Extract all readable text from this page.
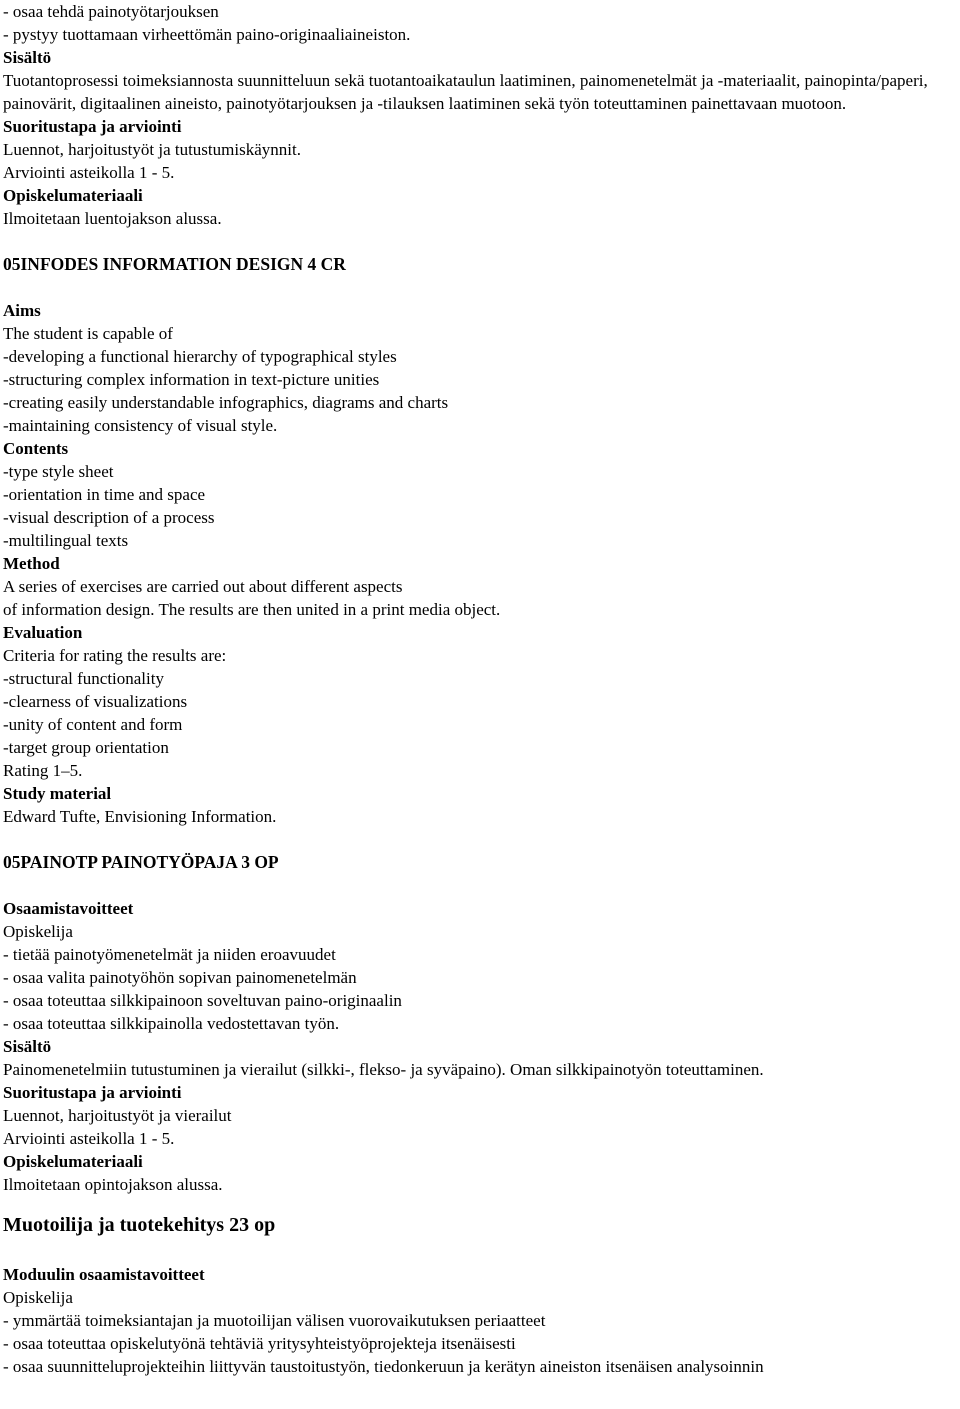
- osaa tehdä painotyötarjouksen
- pystyy tuottamaan virheettömän paino-originaaliaineiston.
Sisältö
Tuotantoprosessi toimeksiannosta suunnitteluun sekä tuotantoaikataulun laatiminen, painomenetelmät ja -materiaalit, painopinta/paperi, painovärit, digitaalinen aineisto, painotyötarjouksen ja -tilauksen laatiminen sekä työn toteuttaminen painettavaan muotoon.
Suoritustapa ja arviointi
Luennot, harjoitustyöt ja tutustumiskäynnit.
Arviointi asteikolla 1 - 5.
Opiskelumateriaali
Ilmoitetaan luentojakson alussa.
05INFODES INFORMATION DESIGN 4 CR
Aims
The student is capable of
-developing a functional hierarchy of typographical styles
-structuring complex information in text-picture unities
-creating easily understandable infographics, diagrams and charts
-maintaining consistency of visual style.
Contents
-type style sheet
-orientation in time and space
-visual description of a process
-multilingual texts
Method
A series of exercises are carried out about different aspects
of information design. The results are then united in a print media object.
Evaluation
Criteria for rating the results are:
-structural functionality
-clearness of visualizations
-unity of content and form
-target group orientation
Rating 1–5.
Study material
Edward Tufte, Envisioning Information.
05PAINOTP PAINOTYÖPAJA 3 OP
Osaamistavoitteet
Opiskelija
- tietää painotyömenetelmät ja niiden eroavuudet
- osaa valita painotyöhön sopivan painomenetelmän
- osaa toteuttaa silkkipainoon soveltuvan paino-originaalin
- osaa toteuttaa silkkipainolla vedostettavan työn.
Sisältö
Painomenetelmiin tutustuminen ja vierailut (silkki-, flekso- ja syväpaino). Oman silkkipainotyön toteuttaminen.
Suoritustapa ja arviointi
Luennot, harjoitustyöt ja vierailut
Arviointi asteikolla 1 - 5.
Opiskelumateriaali
Ilmoitetaan opintojakson alussa.
Muotoilija ja tuotekehitys 23 op
Moduulin osaamistavoitteet
Opiskelija
- ymmärtää toimeksiantajan ja muotoilijan välisen vuorovaikutuksen periaatteet
- osaa toteuttaa opiskelutyönä tehtäviä yritysyhteistyöprojekteja itsenäisesti
- osaa suunnitteluprojekteihin liittyvän taustoitustyön, tiedonkeruun ja kerätyn aineiston itsenäisen analysoinnin
